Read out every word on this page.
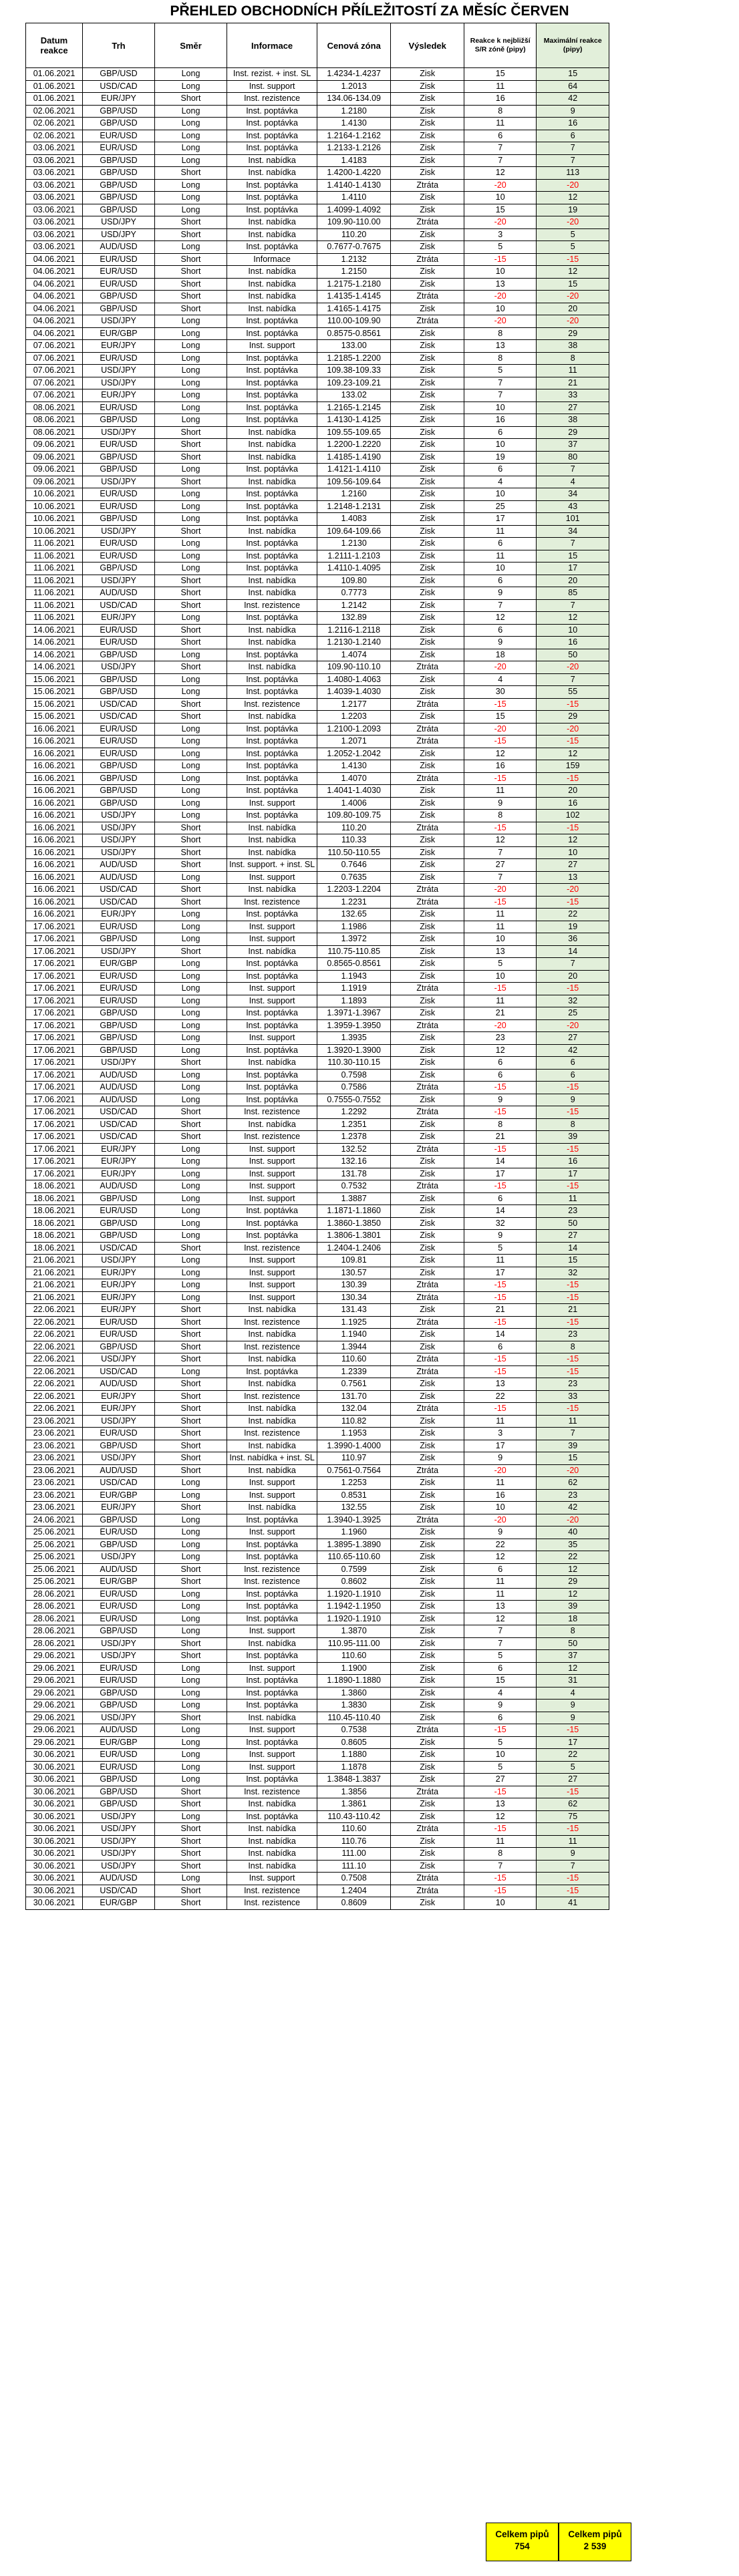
PŘEHLED OBCHODNÍCH PŘÍLEŽITOSTÍ ZA MĚSÍC ČERVEN
Datum reakce	Trh	Směr	Informace	Cenová zóna	Výsledek	Reakce k nejbližší S/R zóně (pipy)	Maximální reakce (pipy)
01.06.2021	GBP/USD	Long	Inst. rezist. + inst. SL	1.4234-1.4237	Zisk	15	15
01.06.2021	USD/CAD	Long	Inst. support	1.2013	Zisk	11	64
01.06.2021	EUR/JPY	Short	Inst. rezistence	134.06-134.09	Zisk	16	42
02.06.2021	GBP/USD	Long	Inst. poptávka	1.2180	Zisk	8	9
02.06.2021	GBP/USD	Long	Inst. poptávka	1.4130	Zisk	11	16
02.06.2021	EUR/USD	Long	Inst. poptávka	1.2164-1.2162	Zisk	6	6
03.06.2021	EUR/USD	Long	Inst. poptávka	1.2133-1.2126	Zisk	7	7
03.06.2021	GBP/USD	Long	Inst. nabídka	1.4183	Zisk	7	7
03.06.2021	GBP/USD	Short	Inst. nabídka	1.4200-1.4220	Zisk	12	113
03.06.2021	GBP/USD	Long	Inst. poptávka	1.4140-1.4130	Ztráta	-20	-20
03.06.2021	GBP/USD	Long	Inst. poptávka	1.4110	Zisk	10	12
03.06.2021	GBP/USD	Long	Inst. poptávka	1.4099-1.4092	Zisk	15	19
03.06.2021	USD/JPY	Short	Inst. nabídka	109.90-110.00	Ztráta	-20	-20
03.06.2021	USD/JPY	Short	Inst. nabídka	110.20	Zisk	3	5
03.06.2021	AUD/USD	Long	Inst. poptávka	0.7677-0.7675	Zisk	5	5
04.06.2021	EUR/USD	Short	Informace	1.2132	Ztráta	-15	-15
04.06.2021	EUR/USD	Short	Inst. nabídka	1.2150	Zisk	10	12
04.06.2021	EUR/USD	Short	Inst. nabídka	1.2175-1.2180	Zisk	13	15
04.06.2021	GBP/USD	Short	Inst. nabídka	1.4135-1.4145	Ztráta	-20	-20
04.06.2021	GBP/USD	Short	Inst. nabídka	1.4165-1.4175	Zisk	10	20
04.06.2021	USD/JPY	Long	Inst. poptávka	110.00-109.90	Ztráta	-20	-20
04.06.2021	EUR/GBP	Long	Inst. poptávka	0.8575-0.8561	Zisk	8	29
07.06.2021	EUR/JPY	Long	Inst. support	133.00	Zisk	13	38
07.06.2021	EUR/USD	Long	Inst. poptávka	1.2185-1.2200	Zisk	8	8
07.06.2021	USD/JPY	Long	Inst. poptávka	109.38-109.33	Zisk	5	11
07.06.2021	USD/JPY	Long	Inst. poptávka	109.23-109.21	Zisk	7	21
07.06.2021	EUR/JPY	Long	Inst. poptávka	133.02	Zisk	7	33
08.06.2021	EUR/USD	Long	Inst. poptávka	1.2165-1.2145	Zisk	10	27
08.06.2021	GBP/USD	Long	Inst. poptávka	1.4130-1.4125	Zisk	16	38
08.06.2021	USD/JPY	Short	Inst. nabídka	109.55-109.65	Zisk	6	29
09.06.2021	EUR/USD	Short	Inst. nabídka	1.2200-1.2220	Zisk	10	37
09.06.2021	GBP/USD	Short	Inst. nabídka	1.4185-1.4190	Zisk	19	80
09.06.2021	GBP/USD	Long	Inst. poptávka	1.4121-1.4110	Zisk	6	7
09.06.2021	USD/JPY	Short	Inst. nabídka	109.56-109.64	Zisk	4	4
10.06.2021	EUR/USD	Long	Inst. poptávka	1.2160	Zisk	10	34
10.06.2021	EUR/USD	Long	Inst. poptávka	1.2148-1.2131	Zisk	25	43
10.06.2021	GBP/USD	Long	Inst. poptávka	1.4083	Zisk	17	101
10.06.2021	USD/JPY	Short	Inst. nabídka	109.64-109.66	Zisk	11	34
11.06.2021	EUR/USD	Long	Inst. poptávka	1.2130	Zisk	6	7
11.06.2021	EUR/USD	Long	Inst. poptávka	1.2111-1.2103	Zisk	11	15
11.06.2021	GBP/USD	Long	Inst. poptávka	1.4110-1.4095	Zisk	10	17
11.06.2021	USD/JPY	Short	Inst. nabídka	109.80	Zisk	6	20
11.06.2021	AUD/USD	Short	Inst. nabídka	0.7773	Zisk	9	85
11.06.2021	USD/CAD	Short	Inst. rezistence	1.2142	Zisk	7	7
11.06.2021	EUR/JPY	Long	Inst. poptávka	132.89	Zisk	12	12
14.06.2021	EUR/USD	Short	Inst. nabídka	1.2116-1.2118	Zisk	6	10
14.06.2021	EUR/USD	Short	Inst. nabídka	1.2130-1.2140	Zisk	9	16
14.06.2021	GBP/USD	Long	Inst. poptávka	1.4074	Zisk	18	50
14.06.2021	USD/JPY	Short	Inst. nabídka	109.90-110.10	Ztráta	-20	-20
15.06.2021	GBP/USD	Long	Inst. poptávka	1.4080-1.4063	Zisk	4	7
15.06.2021	GBP/USD	Long	Inst. poptávka	1.4039-1.4030	Zisk	30	55
15.06.2021	USD/CAD	Short	Inst. rezistence	1.2177	Ztráta	-15	-15
15.06.2021	USD/CAD	Short	Inst. nabídka	1.2203	Zisk	15	29
16.06.2021	EUR/USD	Long	Inst. poptávka	1.2100-1.2093	Ztráta	-20	-20
16.06.2021	EUR/USD	Long	Inst. poptávka	1.2071	Ztráta	-15	-15
16.06.2021	EUR/USD	Long	Inst. poptávka	1.2052-1.2042	Zisk	12	12
16.06.2021	GBP/USD	Long	Inst. poptávka	1.4130	Zisk	16	159
16.06.2021	GBP/USD	Long	Inst. poptávka	1.4070	Ztráta	-15	-15
16.06.2021	GBP/USD	Long	Inst. poptávka	1.4041-1.4030	Zisk	11	20
16.06.2021	GBP/USD	Long	Inst. support	1.4006	Zisk	9	16
16.06.2021	USD/JPY	Long	Inst. poptávka	109.80-109.75	Zisk	8	102
16.06.2021	USD/JPY	Short	Inst. nabídka	110.20	Ztráta	-15	-15
16.06.2021	USD/JPY	Short	Inst. nabídka	110.33	Zisk	12	12
16.06.2021	USD/JPY	Short	Inst. nabídka	110.50-110.55	Zisk	7	10
16.06.2021	AUD/USD	Short	Inst. support. + inst. SL	0.7646	Zisk	27	27
16.06.2021	AUD/USD	Long	Inst. support	0.7635	Zisk	7	13
16.06.2021	USD/CAD	Short	Inst. nabídka	1.2203-1.2204	Ztráta	-20	-20
16.06.2021	USD/CAD	Short	Inst. rezistence	1.2231	Ztráta	-15	-15
16.06.2021	EUR/JPY	Long	Inst. poptávka	132.65	Zisk	11	22
17.06.2021	EUR/USD	Long	Inst. support	1.1986	Zisk	11	19
17.06.2021	GBP/USD	Long	Inst. support	1.3972	Zisk	10	36
17.06.2021	USD/JPY	Short	Inst. nabídka	110.75-110.85	Zisk	13	14
17.06.2021	EUR/GBP	Long	Inst. poptávka	0.8565-0.8561	Zisk	5	7
17.06.2021	EUR/USD	Long	Inst. poptávka	1.1943	Zisk	10	20
17.06.2021	EUR/USD	Long	Inst. support	1.1919	Ztráta	-15	-15
17.06.2021	EUR/USD	Long	Inst. support	1.1893	Zisk	11	32
17.06.2021	GBP/USD	Long	Inst. poptávka	1.3971-1.3967	Zisk	21	25
17.06.2021	GBP/USD	Long	Inst. poptávka	1.3959-1.3950	Ztráta	-20	-20
17.06.2021	GBP/USD	Long	Inst. support	1.3935	Zisk	23	27
17.06.2021	GBP/USD	Long	Inst. poptávka	1.3920-1.3900	Zisk	12	42
17.06.2021	USD/JPY	Short	Inst. nabídka	110.30-110.15	Zisk	6	6
17.06.2021	AUD/USD	Long	Inst. poptávka	0.7598	Zisk	6	6
17.06.2021	AUD/USD	Long	Inst. poptávka	0.7586	Ztráta	-15	-15
17.06.2021	AUD/USD	Long	Inst. poptávka	0.7555-0.7552	Zisk	9	9
17.06.2021	USD/CAD	Short	Inst. rezistence	1.2292	Ztráta	-15	-15
17.06.2021	USD/CAD	Short	Inst. nabídka	1.2351	Zisk	8	8
17.06.2021	USD/CAD	Short	Inst. rezistence	1.2378	Zisk	21	39
17.06.2021	EUR/JPY	Long	Inst. support	132.52	Ztráta	-15	-15
17.06.2021	EUR/JPY	Long	Inst. support	132.16	Zisk	14	16
17.06.2021	EUR/JPY	Long	Inst. support	131.78	Zisk	17	17
18.06.2021	AUD/USD	Long	Inst. support	0.7532	Ztráta	-15	-15
18.06.2021	GBP/USD	Long	Inst. support	1.3887	Zisk	6	11
18.06.2021	EUR/USD	Long	Inst. poptávka	1.1871-1.1860	Zisk	14	23
18.06.2021	GBP/USD	Long	Inst. poptávka	1.3860-1.3850	Zisk	32	50
18.06.2021	GBP/USD	Long	Inst. poptávka	1.3806-1.3801	Zisk	9	27
18.06.2021	USD/CAD	Short	Inst. rezistence	1.2404-1.2406	Zisk	5	14
21.06.2021	USD/JPY	Long	Inst. support	109.81	Zisk	11	15
21.06.2021	EUR/JPY	Long	Inst. support	130.57	Zisk	17	32
21.06.2021	EUR/JPY	Long	Inst. support	130.39	Ztráta	-15	-15
21.06.2021	EUR/JPY	Long	Inst. support	130.34	Ztráta	-15	-15
22.06.2021	EUR/JPY	Short	Inst. nabídka	131.43	Zisk	21	21
22.06.2021	EUR/USD	Short	Inst. rezistence	1.1925	Ztráta	-15	-15
22.06.2021	EUR/USD	Short	Inst. nabídka	1.1940	Zisk	14	23
22.06.2021	GBP/USD	Short	Inst. rezistence	1.3944	Zisk	6	8
22.06.2021	USD/JPY	Short	Inst. nabídka	110.60	Ztráta	-15	-15
22.06.2021	USD/CAD	Long	Inst. poptávka	1.2339	Ztráta	-15	-15
22.06.2021	AUD/USD	Short	Inst. nabídka	0.7561	Zisk	13	23
22.06.2021	EUR/JPY	Short	Inst. rezistence	131.70	Zisk	22	33
22.06.2021	EUR/JPY	Short	Inst. nabídka	132.04	Ztráta	-15	-15
23.06.2021	USD/JPY	Short	Inst. nabídka	110.82	Zisk	11	11
23.06.2021	EUR/USD	Short	Inst. rezistence	1.1953	Zisk	3	7
23.06.2021	GBP/USD	Short	Inst. nabídka	1.3990-1.4000	Zisk	17	39
23.06.2021	USD/JPY	Short	Inst. nabídka + inst. SL	110.97	Zisk	9	15
23.06.2021	AUD/USD	Short	Inst. nabídka	0.7561-0.7564	Ztráta	-20	-20
23.06.2021	USD/CAD	Long	Inst. support	1.2253	Zisk	11	62
23.06.2021	EUR/GBP	Long	Inst. support	0.8531	Zisk	16	23
23.06.2021	EUR/JPY	Short	Inst. nabídka	132.55	Zisk	10	42
24.06.2021	GBP/USD	Long	Inst. poptávka	1.3940-1.3925	Ztráta	-20	-20
25.06.2021	EUR/USD	Long	Inst. support	1.1960	Zisk	9	40
25.06.2021	GBP/USD	Long	Inst. poptávka	1.3895-1.3890	Zisk	22	35
25.06.2021	USD/JPY	Long	Inst. poptávka	110.65-110.60	Zisk	12	22
25.06.2021	AUD/USD	Short	Inst. rezistence	0.7599	Zisk	6	12
25.06.2021	EUR/GBP	Short	Inst. rezistence	0.8602	Zisk	11	29
28.06.2021	EUR/USD	Long	Inst. poptávka	1.1920-1.1910	Zisk	11	12
28.06.2021	EUR/USD	Long	Inst. poptávka	1.1942-1.1950	Zisk	13	39
28.06.2021	EUR/USD	Long	Inst. poptávka	1.1920-1.1910	Zisk	12	18
28.06.2021	GBP/USD	Long	Inst. support	1.3870	Zisk	7	8
28.06.2021	USD/JPY	Short	Inst. nabídka	110.95-111.00	Zisk	7	50
29.06.2021	USD/JPY	Short	Inst. poptávka	110.60	Zisk	5	37
29.06.2021	EUR/USD	Long	Inst. support	1.1900	Zisk	6	12
29.06.2021	EUR/USD	Long	Inst. poptávka	1.1890-1.1880	Zisk	15	31
29.06.2021	GBP/USD	Long	Inst. poptávka	1.3860	Zisk	4	4
29.06.2021	GBP/USD	Long	Inst. poptávka	1.3830	Zisk	9	9
29.06.2021	USD/JPY	Short	Inst. nabídka	110.45-110.40	Zisk	6	9
29.06.2021	AUD/USD	Long	Inst. support	0.7538	Ztráta	-15	-15
29.06.2021	EUR/GBP	Long	Inst. poptávka	0.8605	Zisk	5	17
30.06.2021	EUR/USD	Long	Inst. support	1.1880	Zisk	10	22
30.06.2021	EUR/USD	Long	Inst. support	1.1878	Zisk	5	5
30.06.2021	GBP/USD	Long	Inst. poptávka	1.3848-1.3837	Zisk	27	27
30.06.2021	GBP/USD	Short	Inst. rezistence	1.3856	Ztráta	-15	-15
30.06.2021	GBP/USD	Short	Inst. nabídka	1.3861	Zisk	13	62
30.06.2021	USD/JPY	Long	Inst. poptávka	110.43-110.42	Zisk	12	75
30.06.2021	USD/JPY	Short	Inst. nabídka	110.60	Ztráta	-15	-15
30.06.2021	USD/JPY	Short	Inst. nabídka	110.76	Zisk	11	11
30.06.2021	USD/JPY	Short	Inst. nabídka	111.00	Zisk	8	9
30.06.2021	USD/JPY	Short	Inst. nabídka	111.10	Zisk	7	7
30.06.2021	AUD/USD	Long	Inst. support	0.7508	Ztráta	-15	-15
30.06.2021	USD/CAD	Short	Inst. rezistence	1.2404	Ztráta	-15	-15
30.06.2021	EUR/GBP	Short	Inst. rezistence	0.8609	Zisk	10	41
Celkem pipů
754
Celkem pipů
2 539
